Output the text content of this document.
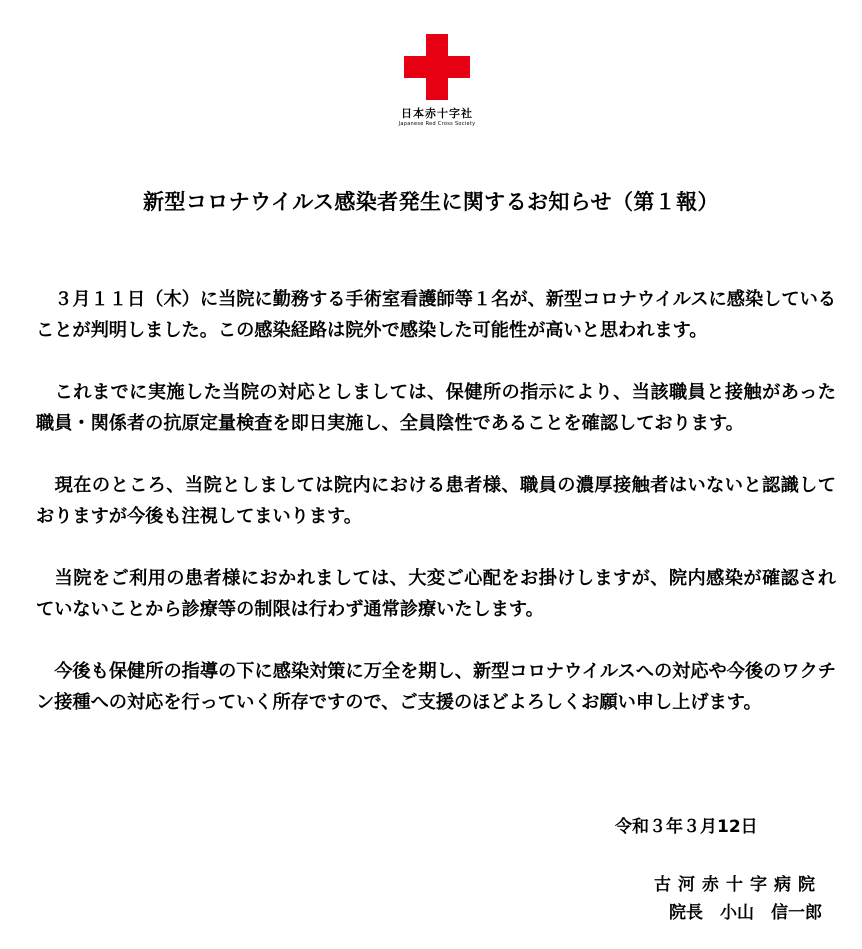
日本赤十字社
Japanese Red Cross Society
新型コロナウイルス感染者発生に関するお知らせ（第１報）

　３月１１日（木）に当院に勤務する手術室看護師等１名が、新型コロナウイルスに感染していることが判明しました。この感染経路は院外で感染した可能性が高いと思われます。

　これまでに実施した当院の対応としましては、保健所の指示により、当該職員と接触があった職員・関係者の抗原定量検査を即日実施し、全員陰性であることを確認しております。

　現在のところ、当院としましては院内における患者様、職員の濃厚接触者はいないと認識しておりますが今後も注視してまいります。

　当院をご利用の患者様におかれましては、大変ご心配をお掛けしますが、院内感染が確認されていないことから診療等の制限は行わず通常診療いたします。

　今後も保健所の指導の下に感染対策に万全を期し、新型コロナウイルスへの対応や今後のワクチン接種への対応を行っていく所存ですので、ご支援のほどよろしくお願い申し上げます。

令和３年３月12日
古河赤十字病院
院長　小山　信一郎
